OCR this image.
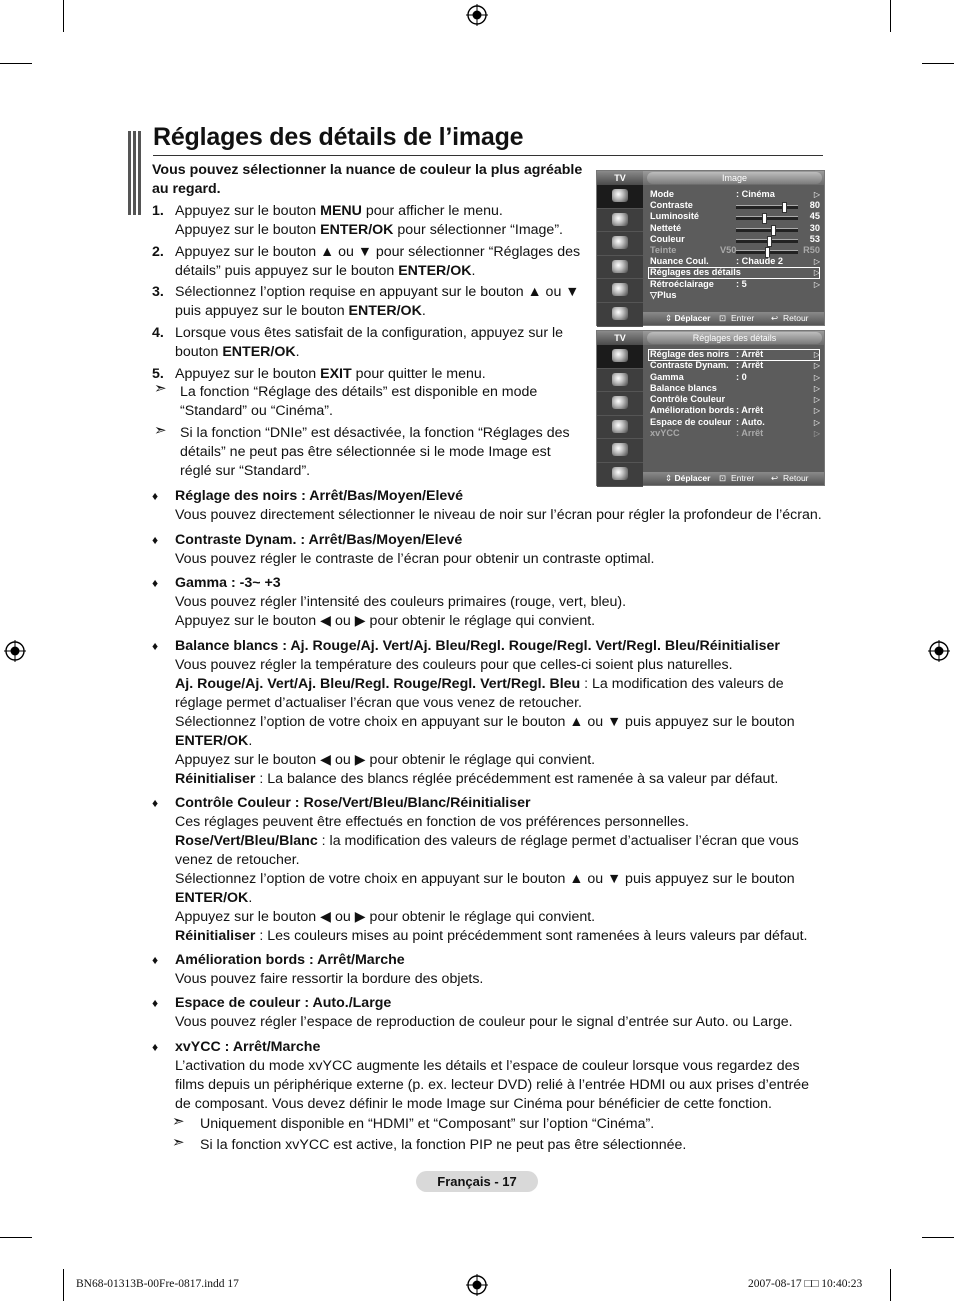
Réglages des détails de l’image
Vous pouvez sélectionner la nuance de couleur la plus agréable au regard.
1. Appuyez sur le bouton MENU pour afficher le menu.
Appuyez sur le bouton ENTER/OK pour sélectionner “Image”.
2. Appuyez sur le bouton ▲ ou ▼ pour sélectionner “Réglages des détails” puis appuyez sur le bouton ENTER/OK.
3. Sélectionnez l’option requise en appuyant sur le bouton ▲ ou ▼ puis appuyez sur le bouton ENTER/OK.
4. Lorsque vous êtes satisfait de la configuration, appuyez sur le bouton ENTER/OK.
5. Appuyez sur le bouton EXIT pour quitter le menu.
➣ La fonction “Réglage des détails” est disponible en mode “Standard” ou “Cinéma”.
➣ Si la fonction “DNIe” est désactivée, la fonction “Réglages des détails” ne peut pas être sélectionnée si le mode Image est réglé sur “Standard”.
TV	Image
Mode	: Cinéma	▷
Contraste	80
Luminosité	45
Netteté	30
Couleur	53
Teinte	V50	R50
Nuance Coul.	: Chaude 2	▷
Réglages des détails	▷
Rétroéclairage : 5	▷
▽Plus
⇕ Déplacer ⊡ Entrer ↩ Retour
TV	Réglages des détails
Réglage des noirs : Arrêt	▷
Contraste Dynam. : Arrêt	▷
Gamma	: 0	▷
Balance blancs	▷
Contrôle Couleur	▷
Amélioration bords : Arrêt	▷
Espace de couleur : Auto.	▷
xvYCC	: Arrêt	▷
⇕ Déplacer ⊡ Entrer ↩ Retour
♦ Réglage des noirs : Arrêt/Bas/Moyen/Elevé
Vous pouvez directement sélectionner le niveau de noir sur l’écran pour régler la profondeur de l’écran.
♦ Contraste Dynam. : Arrêt/Bas/Moyen/Elevé
Vous pouvez régler le contraste de l’écran pour obtenir un contraste optimal.
♦ Gamma : -3~ +3
Vous pouvez régler l’intensité des couleurs primaires (rouge, vert, bleu).
Appuyez sur le bouton ◀ ou ▶ pour obtenir le réglage qui convient.
♦ Balance blancs : Aj. Rouge/Aj. Vert/Aj. Bleu/Regl. Rouge/Regl. Vert/Regl. Bleu/Réinitialiser
Vous pouvez régler la température des couleurs pour que celles-ci soient plus naturelles.
Aj. Rouge/Aj. Vert/Aj. Bleu/Regl. Rouge/Regl. Vert/Regl. Bleu : La modification des valeurs de réglage permet d’actualiser l’écran que vous venez de retoucher.
Sélectionnez l’option de votre choix en appuyant sur le bouton ▲ ou ▼ puis appuyez sur le bouton ENTER/OK.
Appuyez sur le bouton ◀ ou ▶ pour obtenir le réglage qui convient.
Réinitialiser : La balance des blancs réglée précédemment est ramenée à sa valeur par défaut.
♦ Contrôle Couleur : Rose/Vert/Bleu/Blanc/Réinitialiser
Ces réglages peuvent être effectués en fonction de vos préférences personnelles.
Rose/Vert/Bleu/Blanc : la modification des valeurs de réglage permet d’actualiser l’écran que vous venez de retoucher.
Sélectionnez l’option de votre choix en appuyant sur le bouton ▲ ou ▼ puis appuyez sur le bouton ENTER/OK.
Appuyez sur le bouton ◀ ou ▶ pour obtenir le réglage qui convient.
Réinitialiser : Les couleurs mises au point précédemment sont ramenées à leurs valeurs par défaut.
♦ Amélioration bords : Arrêt/Marche
Vous pouvez faire ressortir la bordure des objets.
♦ Espace de couleur : Auto./Large
Vous pouvez régler l’espace de reproduction de couleur pour le signal d’entrée sur Auto. ou Large.
♦ xvYCC : Arrêt/Marche
L’activation du mode xvYCC augmente les détails et l’espace de couleur lorsque vous regardez des films depuis un périphérique externe (p. ex. lecteur DVD) relié à l’entrée HDMI ou aux prises d’entrée de composant. Vous devez définir le mode Image sur Cinéma pour bénéficier de cette fonction.
➣ Uniquement disponible en “HDMI” et “Composant” sur l’option “Cinéma”.
➣ Si la fonction xvYCC est active, la fonction PIP ne peut pas être sélectionnée.
Français - 17
BN68-01313B-00Fre-0817.indd 17	2007-08-17 □□ 10:40:23
